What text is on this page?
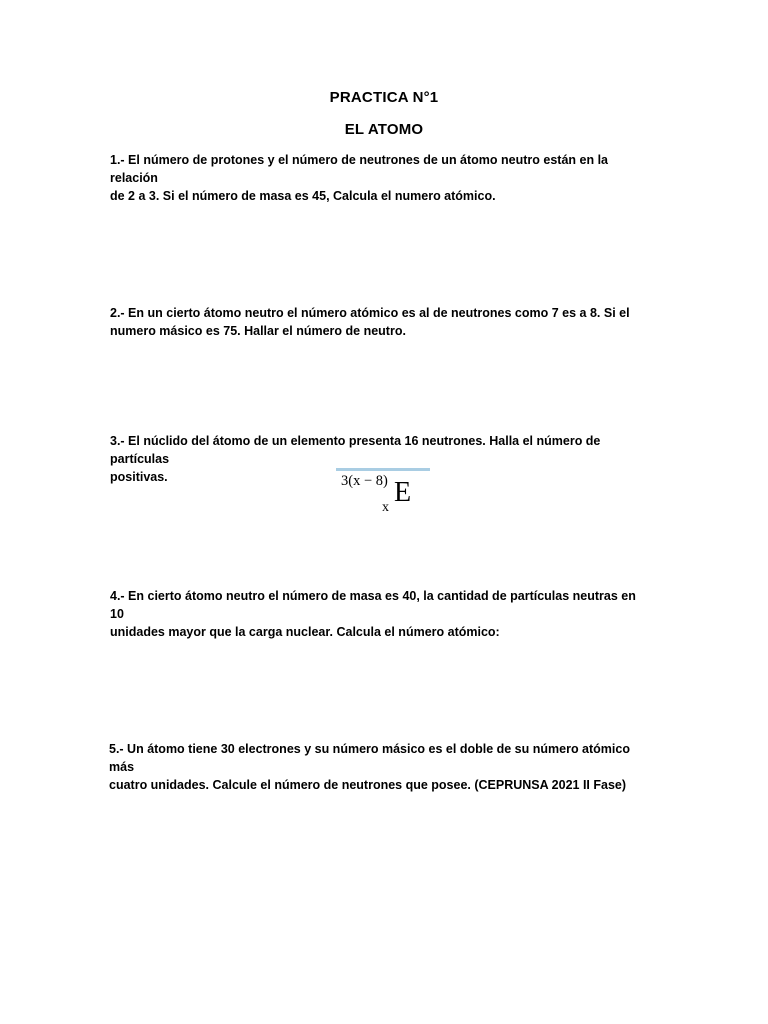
PRACTICA N°1
EL ATOMO
1.- El número de protones y el número de neutrones de un átomo neutro están en la relación
de 2 a 3. Si el número de masa es 45, Calcula el numero atómico.
2.- En un cierto átomo neutro el número atómico es al de neutrones como 7 es a 8. Si el
numero másico es 75. Hallar el número de neutro.
3.- El núclido del átomo de un elemento presenta 16 neutrones. Halla el número de partículas
positivas.	3(x − 8) E
x
4.- En cierto átomo neutro el número de masa es 40, la cantidad de partículas neutras en 10
unidades mayor que la carga nuclear. Calcula el número atómico:
5.- Un átomo tiene 30 electrones y su número másico es el doble de su número atómico más
cuatro unidades. Calcule el número de neutrones que posee. (CEPRUNSA 2021 II Fase)
